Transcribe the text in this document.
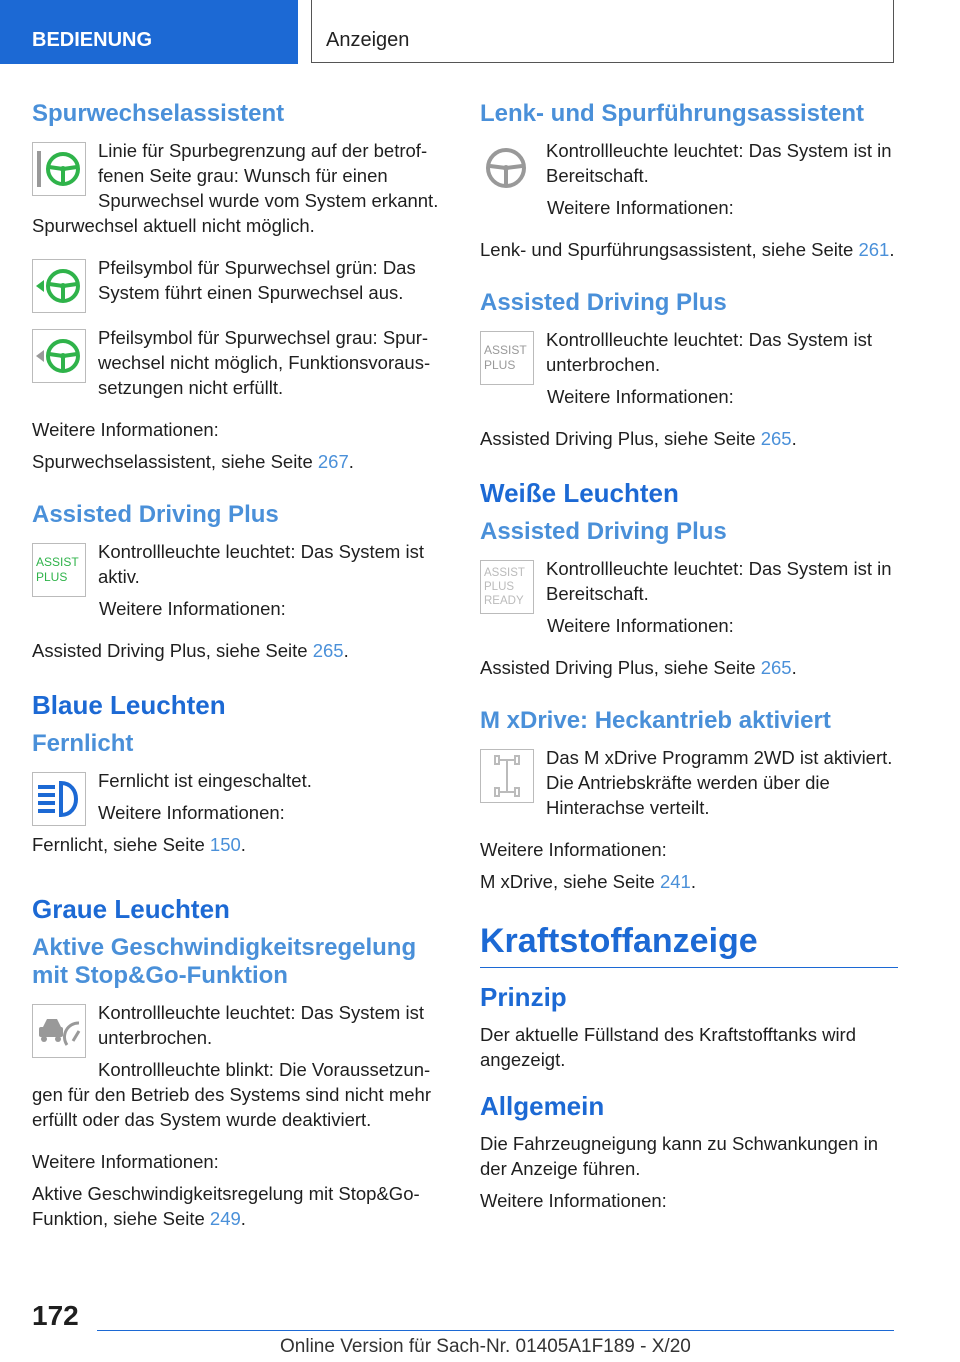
BEDIENUNG	Anzeigen
Spurwechselassistent

Linie für Spurbegrenzung auf der betroffenen Seite grau: Wunsch für einen Spurwechsel wurde vom System erkannt. Spurwechsel aktuell nicht möglich.

Pfeilsymbol für Spurwechsel grün: Das System führt einen Spurwechsel aus.

Pfeilsymbol für Spurwechsel grau: Spurwechsel nicht möglich, Funktionsvoraussetzungen nicht erfüllt.

Weitere Informationen:

Spurwechselassistent, siehe Seite 267.

Assisted Driving Plus
ASSIST
PLUS

Kontrollleuchte leuchtet: Das System ist aktiv.

Weitere Informationen:

Assisted Driving Plus, siehe Seite 265.

Blaue Leuchten
Fernlicht

Fernlicht ist eingeschaltet.

Weitere Informationen:

Fernlicht, siehe Seite 150.

Graue Leuchten
Aktive Geschwindigkeitsregelung mit Stop&Go-Funktion

Kontrollleuchte leuchtet: Das System ist unterbrochen.

Kontrollleuchte blinkt: Die Voraussetzungen für den Betrieb des Systems sind nicht mehr erfüllt oder das System wurde deaktiviert.

Weitere Informationen:

Aktive Geschwindigkeitsregelung mit Stop&Go-Funktion, siehe Seite 249.

Lenk- und Spurführungsassistent

Kontrollleuchte leuchtet: Das System ist in Bereitschaft.

Weitere Informationen:

Lenk- und Spurführungsassistent, siehe Seite 261.

Assisted Driving Plus
ASSIST
PLUS

Kontrollleuchte leuchtet: Das System ist unterbrochen.

Weitere Informationen:

Assisted Driving Plus, siehe Seite 265.

Weiße Leuchten
Assisted Driving Plus
ASSIST
PLUS
READY

Kontrollleuchte leuchtet: Das System ist in Bereitschaft.

Weitere Informationen:

Assisted Driving Plus, siehe Seite 265.

M xDrive: Heckantrieb aktiviert

Das M xDrive Programm 2WD ist aktiviert. Die Antriebskräfte werden über die Hinterachse verteilt.

Weitere Informationen:

M xDrive, siehe Seite 241.

Kraftstoffanzeige
Prinzip

Der aktuelle Füllstand des Kraftstofftanks wird angezeigt.

Allgemein

Die Fahrzeugneigung kann zu Schwankungen in der Anzeige führen.

Weitere Informationen:

172
Online Version für Sach-Nr. 01405A1F189 - X/20
